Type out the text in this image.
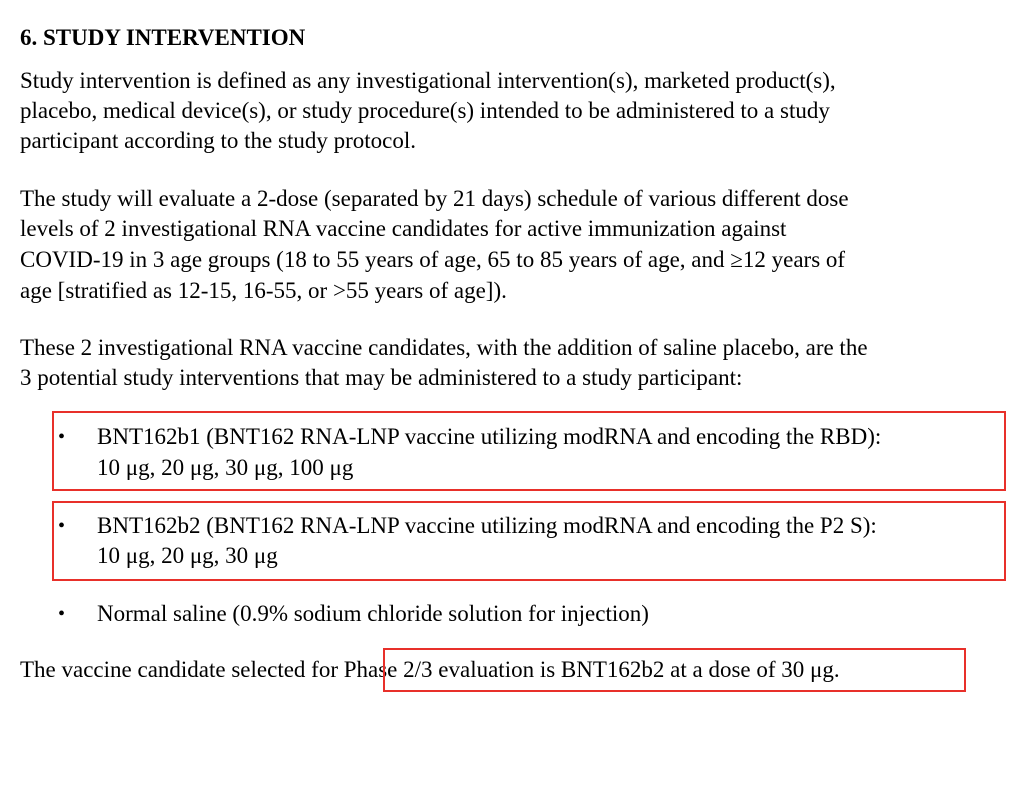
6. STUDY INTERVENTION
Study intervention is defined as any investigational intervention(s), marketed product(s),
placebo, medical device(s), or study procedure(s) intended to be administered to a study
participant according to the study protocol.
The study will evaluate a 2-dose (separated by 21 days) schedule of various different dose
levels of 2 investigational RNA vaccine candidates for active immunization against
COVID-19 in 3 age groups (18 to 55 years of age, 65 to 85 years of age, and ≥12 years of
age [stratified as 12-15, 16-55, or >55 years of age]).
These 2 investigational RNA vaccine candidates, with the addition of saline placebo, are the
3 potential study interventions that may be administered to a study participant:
• BNT162b1 (BNT162 RNA-LNP vaccine utilizing modRNA and encoding the RBD):
10 μg, 20 μg, 30 μg, 100 μg
• BNT162b2 (BNT162 RNA-LNP vaccine utilizing modRNA and encoding the P2 S):
10 μg, 20 μg, 30 μg
• Normal saline (0.9% sodium chloride solution for injection)
The vaccine candidate selected for Phase 2/3 evaluation is BNT162b2 at a dose of 30 μg.
